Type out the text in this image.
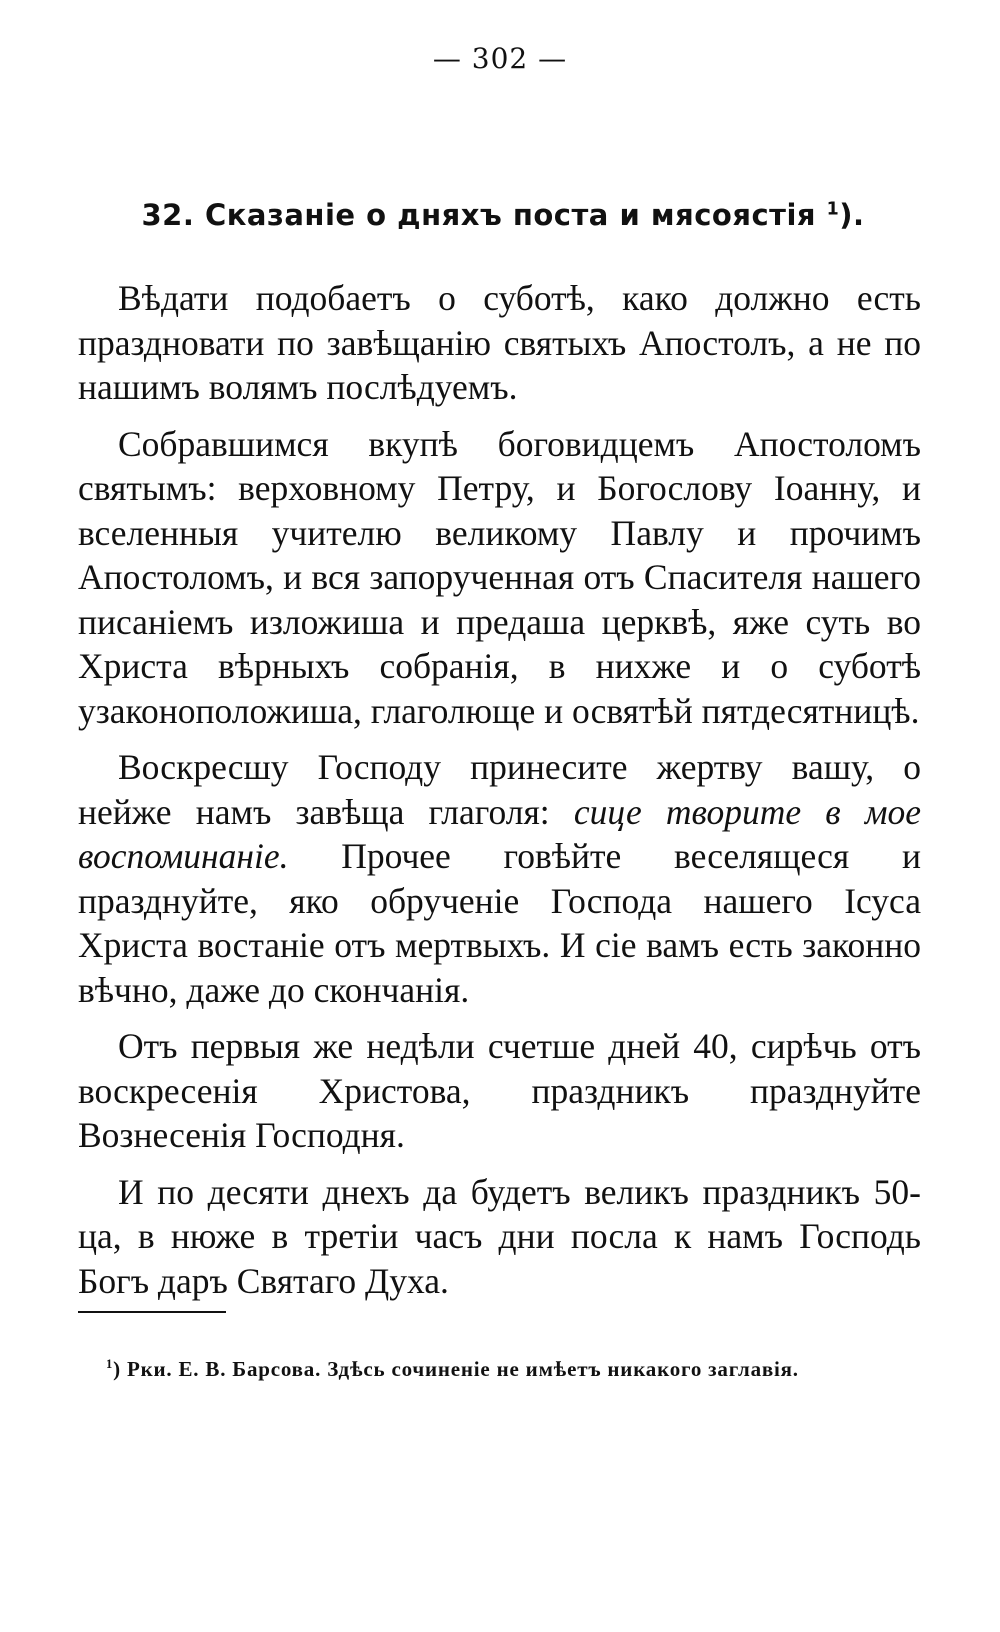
— 302 —
32. Сказаніе о дняхъ поста и мясоястія $^1$).

Вѣдати подобаетъ о суботѣ, како должно есть праздновати по завѣщанію святыхъ Апостолъ, а не по нашимъ волямъ послѣдуемъ.

Собравшимся вкупѣ боговидцемъ Апостоломъ святымъ: верховному Петру, и Богослову Іоанну, и вселенныя учителю великому Павлу и прочимъ Апостоломъ, и вся запорученная отъ Спасителя нашего писаніемъ изложиша и предаша церквѣ, яже суть во Христа вѣрныхъ собранія, в нихже и о суботѣ узаконоположиша, глаголюще и освятѣй пятдесятницѣ.

Воскресшу Господу принесите жертву вашу, о нейже намъ завѣща глаголя: сице творите в мое воспоминаніе. Прочее говѣйте веселящеся и празднуйте, яко обрученіе Господа нашего Ісуса Христа востаніе отъ мертвыхъ. И сіе вамъ есть законно вѣчно, даже до скончанія.

Отъ первыя же недѣли счетше дней 40, сирѣчь отъ воскресенія Христова, праздникъ празднуйте Вознесенія Господня.

И по десяти днехъ да будетъ великъ праздникъ 50-ца, в нюже в третіи часъ дни посла к намъ Господь Богъ даръ Святаго Духа.

$^1$) Рки. Е. В. Барсова. Здѣсь сочиненіе не имѣетъ никакого заглавія.
